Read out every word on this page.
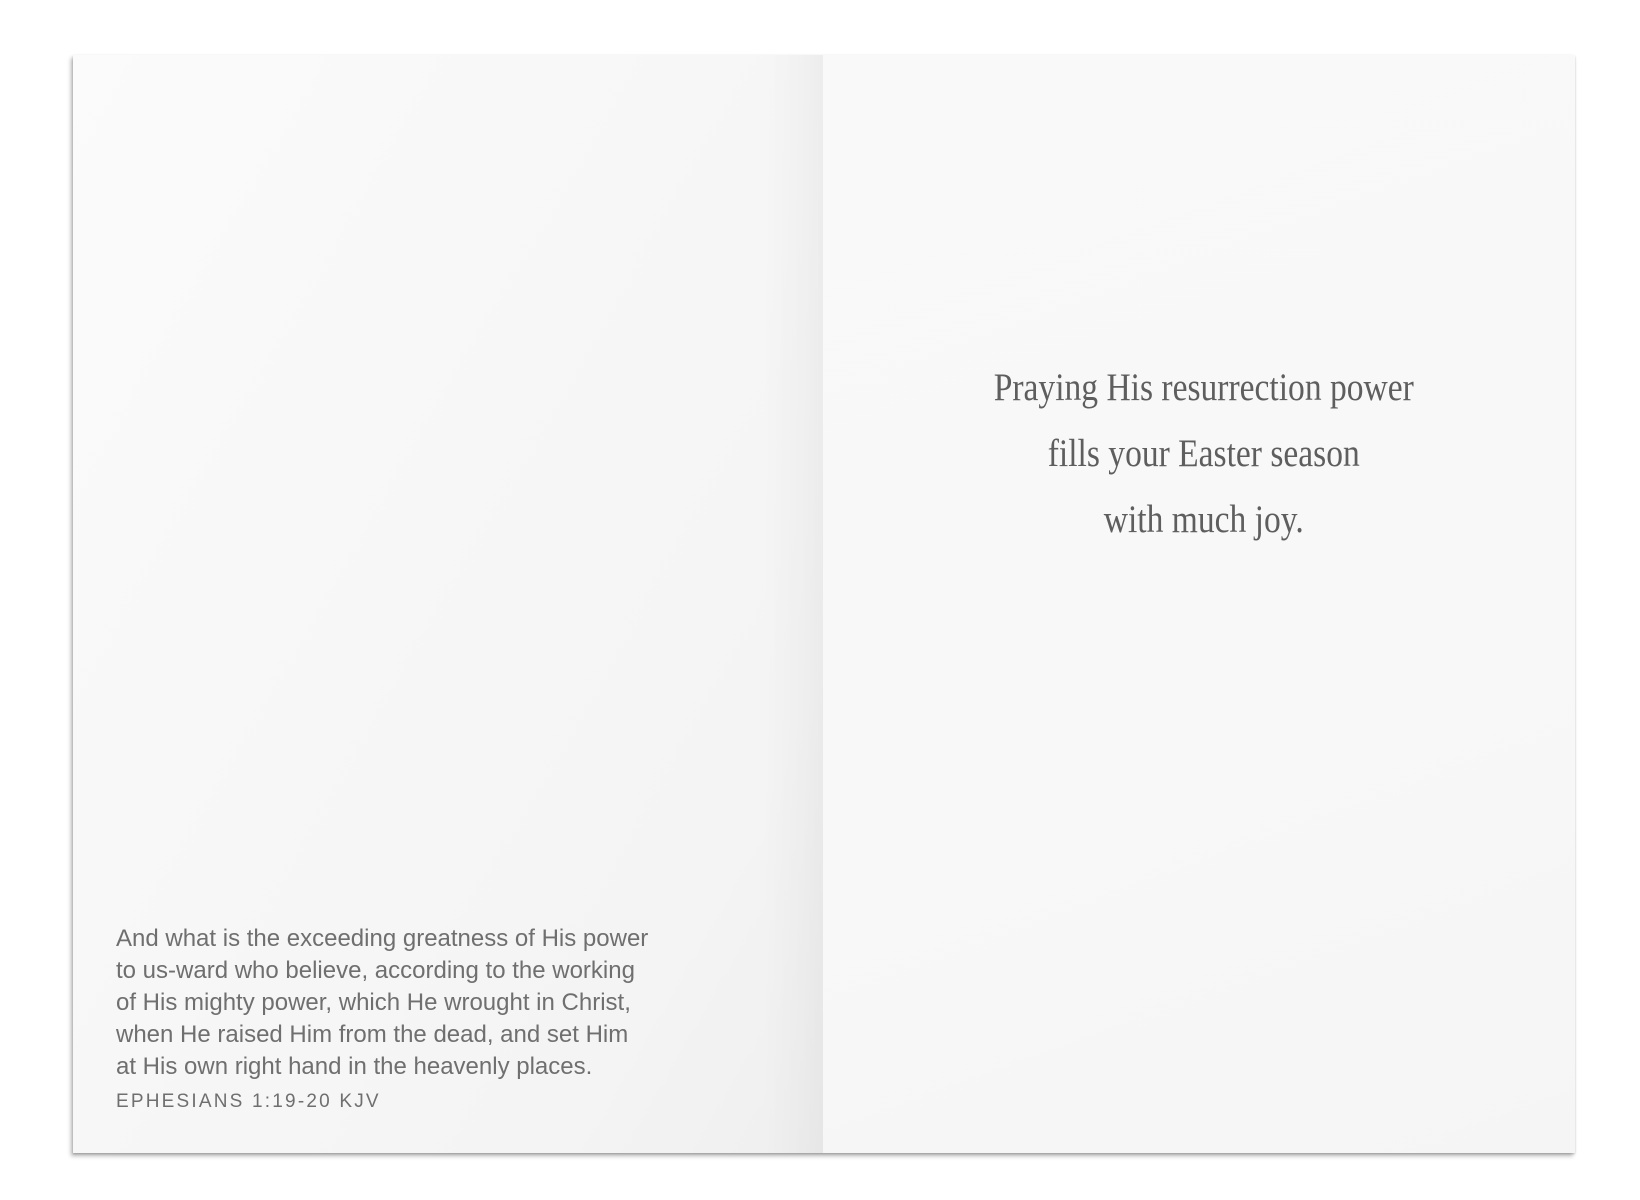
And what is the exceeding greatness of His power
to us-ward who believe, according to the working
of His mighty power, which He wrought in Christ,
when He raised Him from the dead, and set Him
at His own right hand in the heavenly places.
EPHESIANS 1:19-20 KJV
Praying His resurrection power
fills your Easter season
with much joy.
